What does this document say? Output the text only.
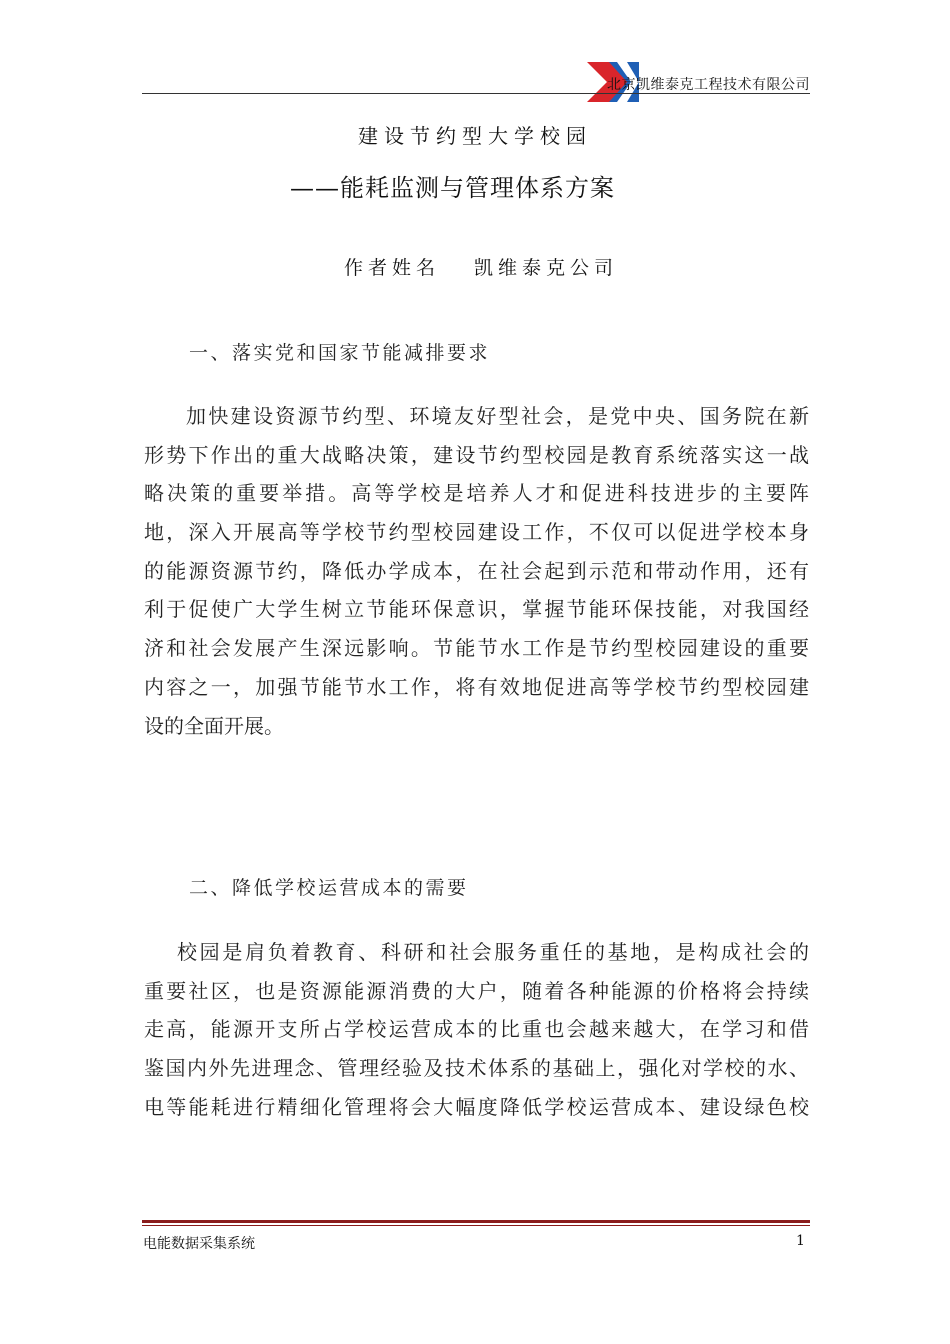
北京凯维泰克工程技术有限公司
建设节约型大学校园
——能耗监测与管理体系方案
作者姓名 凯维泰克公司
一、落实党和国家节能减排要求
加快建设资源节约型、环境友好型社会，是党中央、国务院在新
形势下作出的重大战略决策，建设节约型校园是教育系统落实这一战
略决策的重要举措。高等学校是培养人才和促进科技进步的主要阵
地，深入开展高等学校节约型校园建设工作，不仅可以促进学校本身
的能源资源节约，降低办学成本，在社会起到示范和带动作用，还有
利于促使广大学生树立节能环保意识，掌握节能环保技能，对我国经
济和社会发展产生深远影响。节能节水工作是节约型校园建设的重要
内容之一，加强节能节水工作，将有效地促进高等学校节约型校园建
设的全面开展。
二、降低学校运营成本的需要
校园是肩负着教育、科研和社会服务重任的基地，是构成社会的
重要社区，也是资源能源消费的大户，随着各种能源的价格将会持续
走高，能源开支所占学校运营成本的比重也会越来越大，在学习和借
鉴国内外先进理念、管理经验及技术体系的基础上，强化对学校的水、
电等能耗进行精细化管理将会大幅度降低学校运营成本、建设绿色校
电能数据采集系统	1
